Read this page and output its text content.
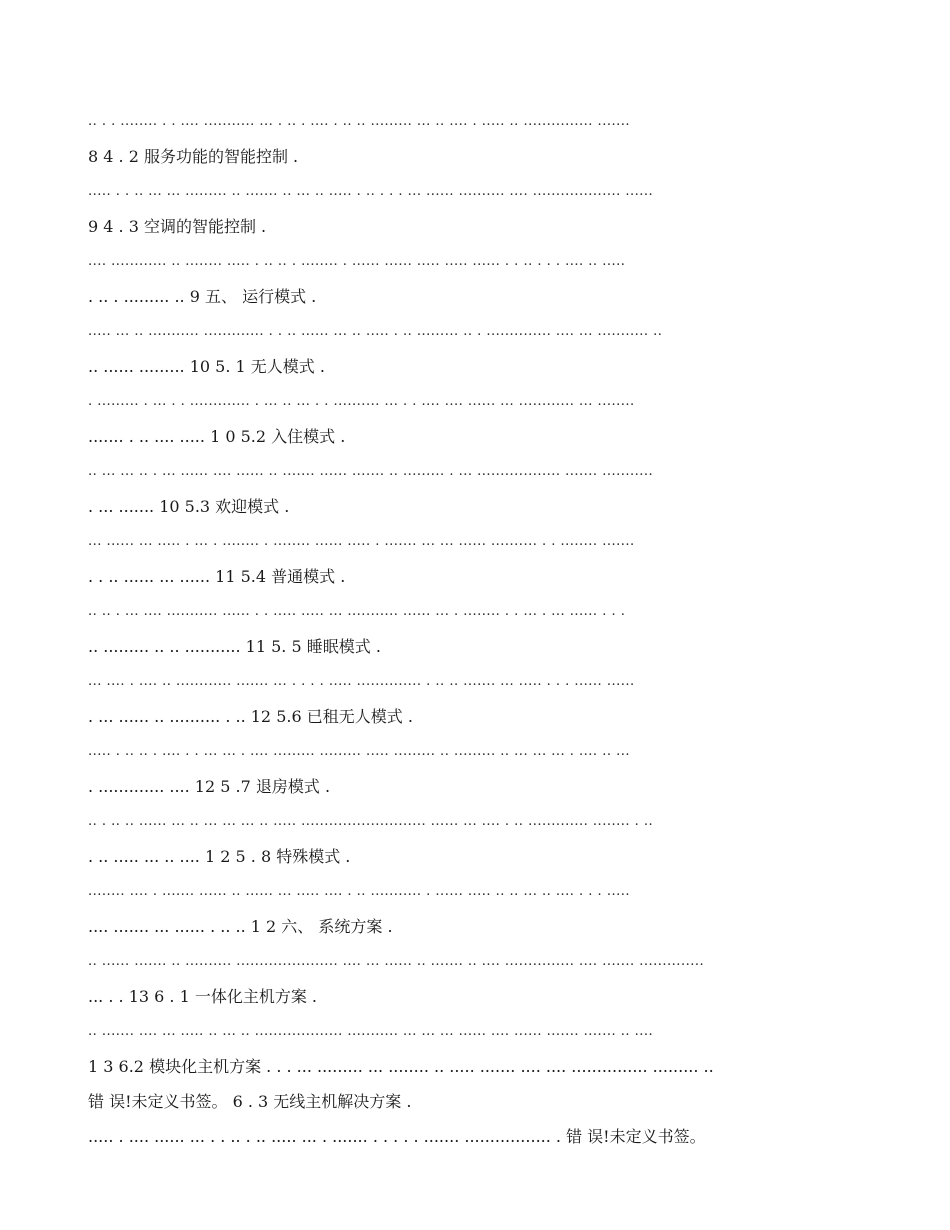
.. . . ........ . . .... ........... ... . .. . .... . .. .. ......... ... .. .... . ..... .. ............... .......
8 4 . 2 服务功能的智能控制 .
..... . . .. ... ... ......... .. ....... .. ... .. ..... . .. . . . ... ...... .......... .... ................... ......
9 4 . 3 空调的智能控制 .
.... ............ .. ........ ..... . .. .. . ........ . ...... ...... ..... ..... ...... . . .. . . . .... .. .....
. .. . ......... .. 9 五、 运行模式 .
..... ... .. ........... ............. . . .. ...... ... .. ..... . .. ......... .. . .............. .... ... ........... ..
.. ...... ......... 10 5. 1 无人模式 .
. ......... . ... . . ............. . ... .. ... . . .......... ... . . .... .... ...... ... ............ ... ........
....... . .. .... ..... 1 0 5.2 入住模式 .
.. ... ... .. . ... ...... .... ...... .. ....... ...... ....... .. ......... . ... .................. ....... ...........
. ... ....... 10 5.3 欢迎模式 .
... ...... ... ..... . ... . ........ . ........ ...... ..... . ....... ... ... ...... .......... . . ........ .......
. . .. ...... ... ...... 11 5.4 普通模式 .
.. .. . ... .... ........... ...... . . ..... ..... ... ........... ...... ... . ........ . . ... . ... ...... . . .
.. ......... .. .. ........... 11 5. 5 睡眠模式 .
... .... . .... .. ............ ....... ... . . . . ..... .............. . .. .. ....... ... ..... . . . ...... ......
. ... ...... .. .......... . .. 12 5.6 已租无人模式 .
..... . .. .. . .... . . ... ... . .... ......... ......... ..... ......... .. ......... .. ... ... ... . .... .. ...
. ............. .... 12 5 .7 退房模式 .
.. . .. .. ...... ... .. ... ... ... .. ..... ........................... ...... ... .... . .. ............. ........ . ..
. .. ..... ... .. .... 1 2 5 . 8 特殊模式 .
........ .... . ....... ...... .. ...... ... ..... .... . .. ........... . ...... ..... .. .. ... .. .... . . . .....
.... ....... ... ...... . .. .. 1 2 六、 系统方案 .
.. ...... ....... .. .......... ...................... .... ... ...... .. ....... .. .... ............... .... ....... ..............
... . . 13 6 . 1 一体化主机方案 .
.. ....... .... ... ..... .. ... .. ................... ........... ... ... ... ...... .... ...... ....... ....... .. ....
1 3 6.2 模块化主机方案 . . . ... ......... ... ........ .. ..... ....... .... .... ............... ......... ..
错 误!未定义书签。 6 . 3 无线主机解决方案 .
..... . .... ...... ... . . .. . .. ..... ... . ....... . . . . . ....... ................. . 错 误!未定义书签。
